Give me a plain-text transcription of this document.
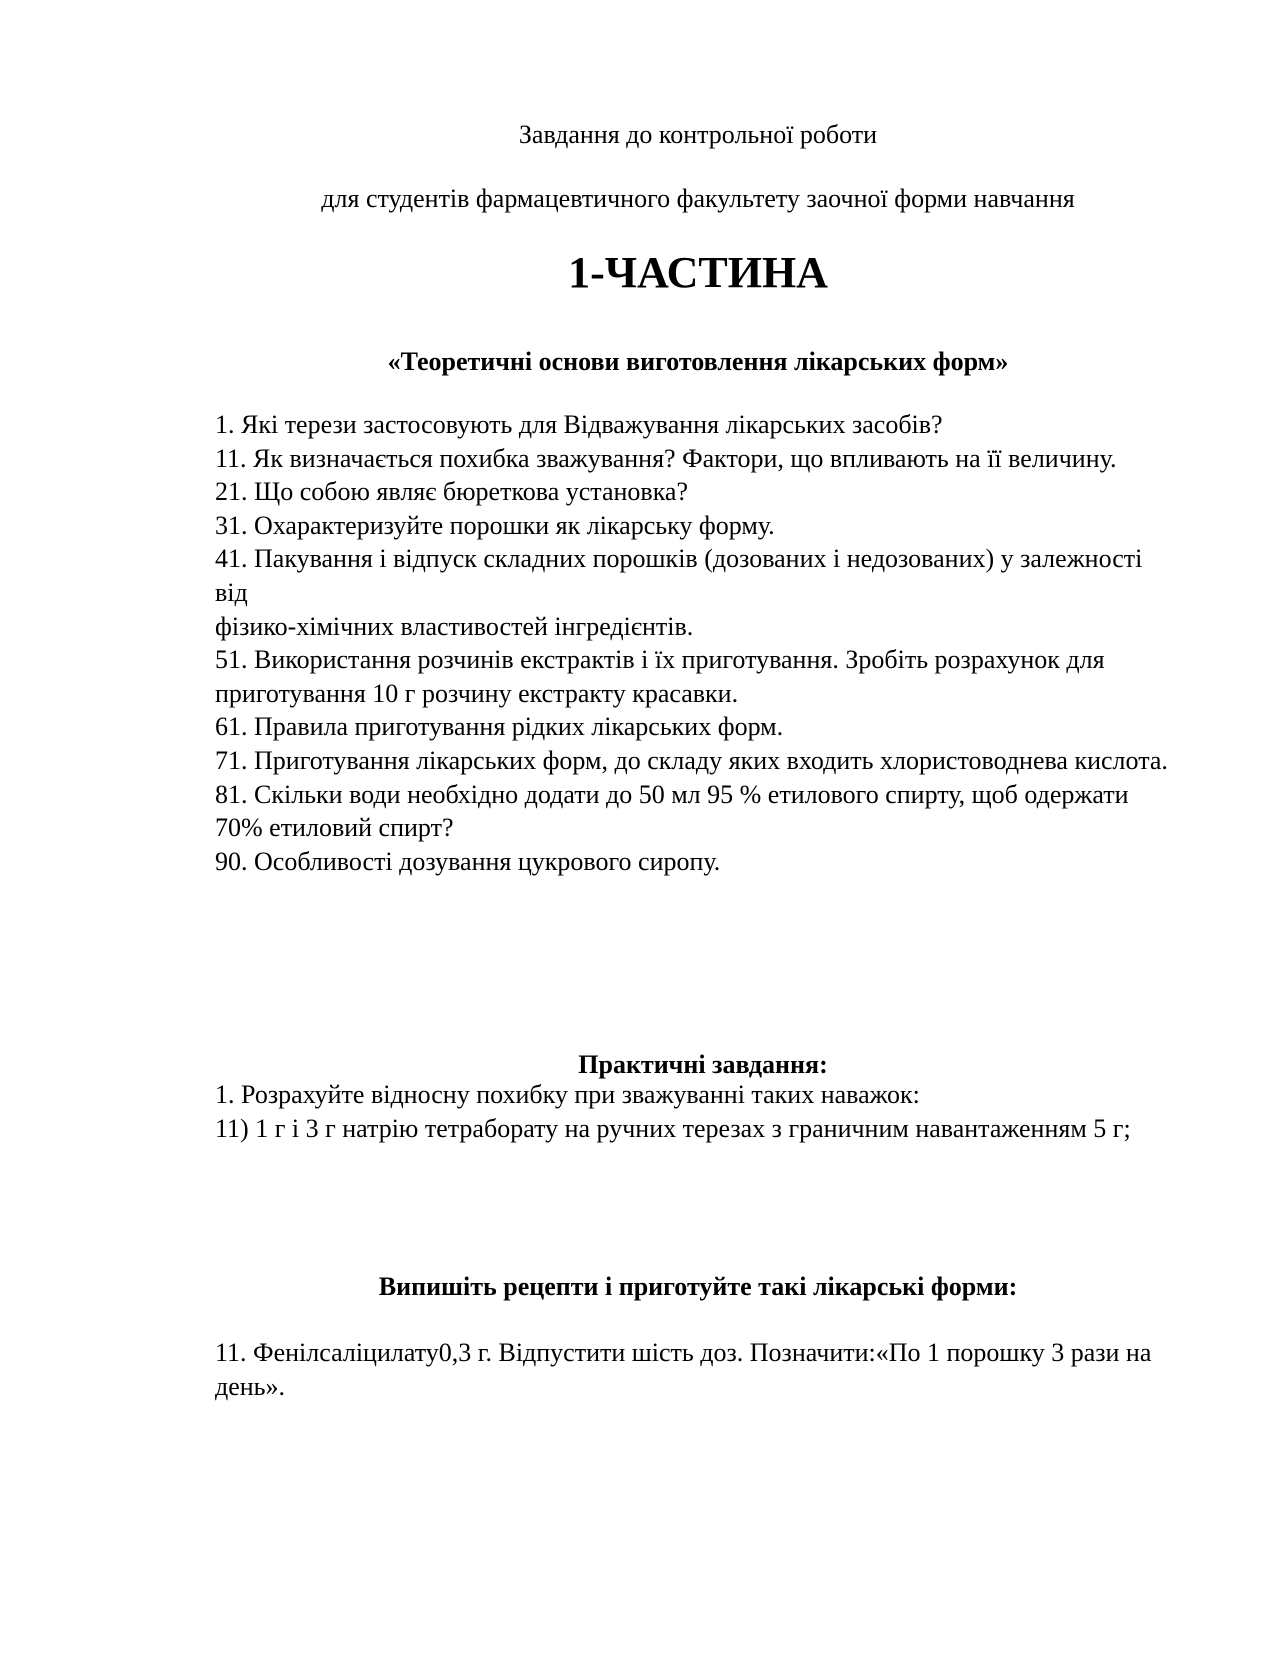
Завдання до контрольної роботи
для студентів фармацевтичного факультету заочної форми навчання
1-ЧАСТИНА
«Теоретичні основи виготовлення лікарських форм»

1. Які терези застосовують для Відважування лікарських засобів?

11. Як визначається похибка зважування? Фактори, що впливають на її величину.

21. Що собою являє бюреткова установка?

31. Охарактеризуйте порошки як лікарську форму.

41. Пакування і відпуск складних порошків (дозованих і недозованих) у залежності від

фізико-хімічних властивостей інгредієнтів.

51. Використання розчинів екстрактів і їх приготування. Зробіть розрахунок для

приготування 10 г розчину екстракту красавки.

61. Правила приготування рідких лікарських форм.

71. Приготування лікарських форм, до складу яких входить хлористоводнева кислота.

81. Скільки води необхідно додати до 50 мл 95 % етилового спирту, щоб одержати

70% етиловий спирт?

90. Особливості дозування цукрового сиропу.

Практичні завдання:

1. Розрахуйте відносну похибку при зважуванні таких наважок:

11) 1 г і 3 г натрію тетраборату на ручних терезах з граничним навантаженням 5 г;

Випишіть рецепти і приготуйте такі лікарські форми:

11. Фенілсаліцилату0,3 г. Відпустити шість доз. Позначити:«По 1 порошку 3 рази на день».
